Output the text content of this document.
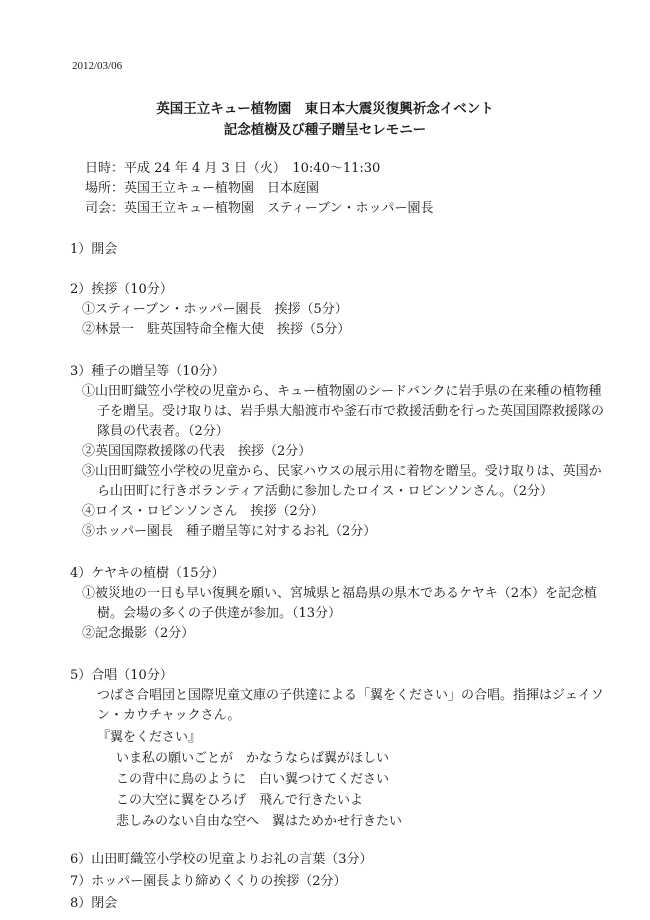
2012/03/06
英国王立キュー植物園　東日本大震災復興祈念イベント
記念植樹及び種子贈呈セレモニー
日時：平成 24 年 4 月 3 日（火）　10:40～11:30
場所：英国王立キュー植物園　日本庭園
司会：英国王立キュー植物園　スティーブン・ホッパー園長
1）開会
2）挨拶（10分）
①スティーブン・ホッパー園長　挨拶（5分）
②林景一　駐英国特命全権大使　挨拶（5分）
3）種子の贈呈等（10分）
①山田町織笠小学校の児童から、キュー植物園のシードバンクに岩手県の在来種の植物種
子を贈呈。受け取りは、岩手県大船渡市や釜石市で救援活動を行った英国国際救援隊の
隊員の代表者。（2分）
②英国国際救援隊の代表　挨拶（2分）
③山田町織笠小学校の児童から、民家ハウスの展示用に着物を贈呈。受け取りは、英国か
ら山田町に行きボランティア活動に参加したロイス・ロビンソンさん。（2分）
④ロイス・ロビンソンさん　挨拶（2分）
⑤ホッパー園長　種子贈呈等に対するお礼（2分）
4）ケヤキの植樹（15分）
①被災地の一日も早い復興を願い、宮城県と福島県の県木であるケヤキ（2本）を記念植
樹。会場の多くの子供達が参加。（13分）
②記念撮影（2分）
5）合唱（10分）
つばさ合唱団と国際児童文庫の子供達による「翼をください」の合唱。指揮はジェイソ
ン・カウチャックさん。
『翼をください』
いま私の願いごとが　かなうならば翼がほしい
この背中に鳥のように　白い翼つけてください
この大空に翼をひろげ　飛んで行きたいよ
悲しみのない自由な空へ　翼はためかせ行きたい
6）山田町織笠小学校の児童よりお礼の言葉（3分）
7）ホッパー園長より締めくくりの挨拶（2分）
8）閉会
